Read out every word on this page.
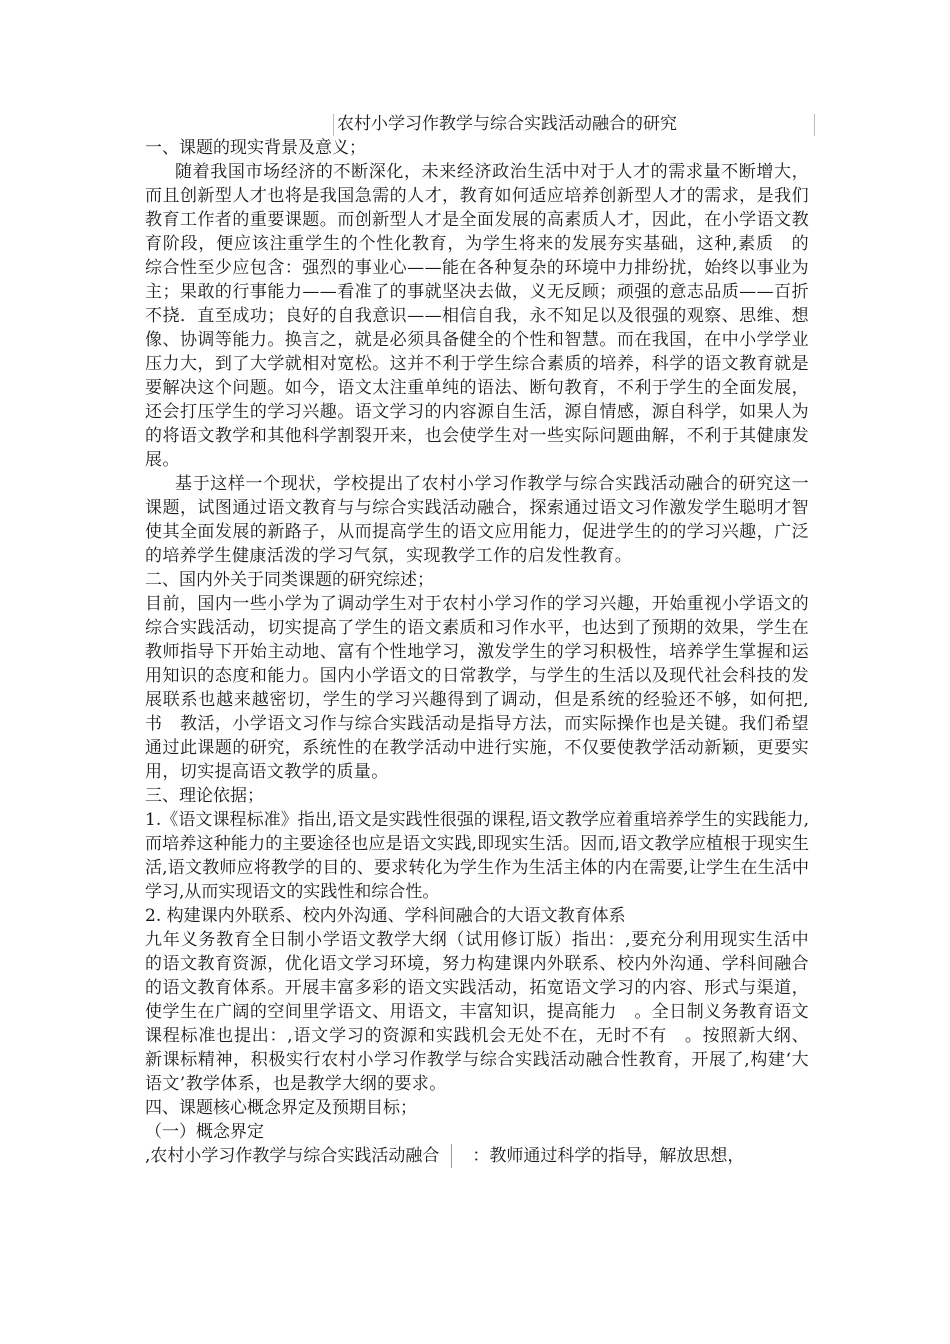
农村小学习作教学与综合实践活动融合的研究

一、课题的现实背景及意义；

随着我国市场经济的不断深化，未来经济政治生活中对于人才的需求量不断增大，而且创新型人才也将是我国急需的人才，教育如何适应培养创新型人才的需求，是我们教育工作者的重要课题。而创新型人才是全面发展的高素质人才，因此，在小学语文教育阶段，便应该注重学生的个性化教育，为学生将来的发展夯实基础，这种,素质　的综合性至少应包含：强烈的事业心——能在各种复杂的环境中力排纷扰，始终以事业为主；果敢的行事能力——看准了的事就坚决去做，义无反顾；顽强的意志品质——百折不挠．直至成功；良好的自我意识——相信自我，永不知足以及很强的观察、思维、想像、协调等能力。换言之，就是必须具备健全的个性和智慧。而在我国，在中小学学业压力大，到了大学就相对宽松。这并不利于学生综合素质的培养，科学的语文教育就是要解决这个问题。如今，语文太注重单纯的语法、断句教育，不利于学生的全面发展，还会打压学生的学习兴趣。语文学习的内容源自生活，源自情感，源自科学，如果人为的将语文教学和其他科学割裂开来，也会使学生对一些实际问题曲解，不利于其健康发展。

基于这样一个现状，学校提出了农村小学习作教学与综合实践活动融合的研究这一课题，试图通过语文教育与与综合实践活动融合，探索通过语文习作激发学生聪明才智使其全面发展的新路子，从而提高学生的语文应用能力，促进学生的的学习兴趣，广泛的培养学生健康活泼的学习气氛，实现教学工作的启发性教育。

二、国内外关于同类课题的研究综述；

目前，国内一些小学为了调动学生对于农村小学习作的学习兴趣，开始重视小学语文的综合实践活动，切实提高了学生的语文素质和习作水平，也达到了预期的效果，学生在教师指导下开始主动地、富有个性地学习，激发学生的学习积极性，培养学生掌握和运用知识的态度和能力。国内小学语文的日常教学，与学生的生活以及现代社会科技的发展联系也越来越密切，学生的学习兴趣得到了调动，但是系统的经验还不够，如何把,书　教活，小学语文习作与综合实践活动是指导方法，而实际操作也是关键。我们希望通过此课题的研究，系统性的在教学活动中进行实施，不仅要使教学活动新颖，更要实用，切实提高语文教学的质量。

三、理论依据；

1.《语文课程标准》指出,语文是实践性很强的课程,语文教学应着重培养学生的实践能力,而培养这种能力的主要途径也应是语文实践,即现实生活。因而,语文教学应植根于现实生活,语文教师应将教学的目的、要求转化为学生作为生活主体的内在需要,让学生在生活中学习,从而实现语文的实践性和综合性。

2. 构建课内外联系、校内外沟通、学科间融合的大语文教育体系

九年义务教育全日制小学语文教学大纲（试用修订版）指出：,要充分利用现实生活中的语文教育资源，优化语文学习环境，努力构建课内外联系、校内外沟通、学科间融合的语文教育体系。开展丰富多彩的语文实践活动，拓宽语文学习的内容、形式与渠道，使学生在广阔的空间里学语文、用语文，丰富知识，提高能力　。全日制义务教育语文课程标准也提出：,语文学习的资源和实践机会无处不在，无时不有　。按照新大纲、新课标精神，积极实行农村小学习作教学与综合实践活动融合性教育，开展了,构建‘大语文’教学体系，也是教学大纲的要求。

四、课题核心概念界定及预期目标；

（一）概念界定

,农村小学习作教学与综合实践活动融合 ：教师通过科学的指导，解放思想，
